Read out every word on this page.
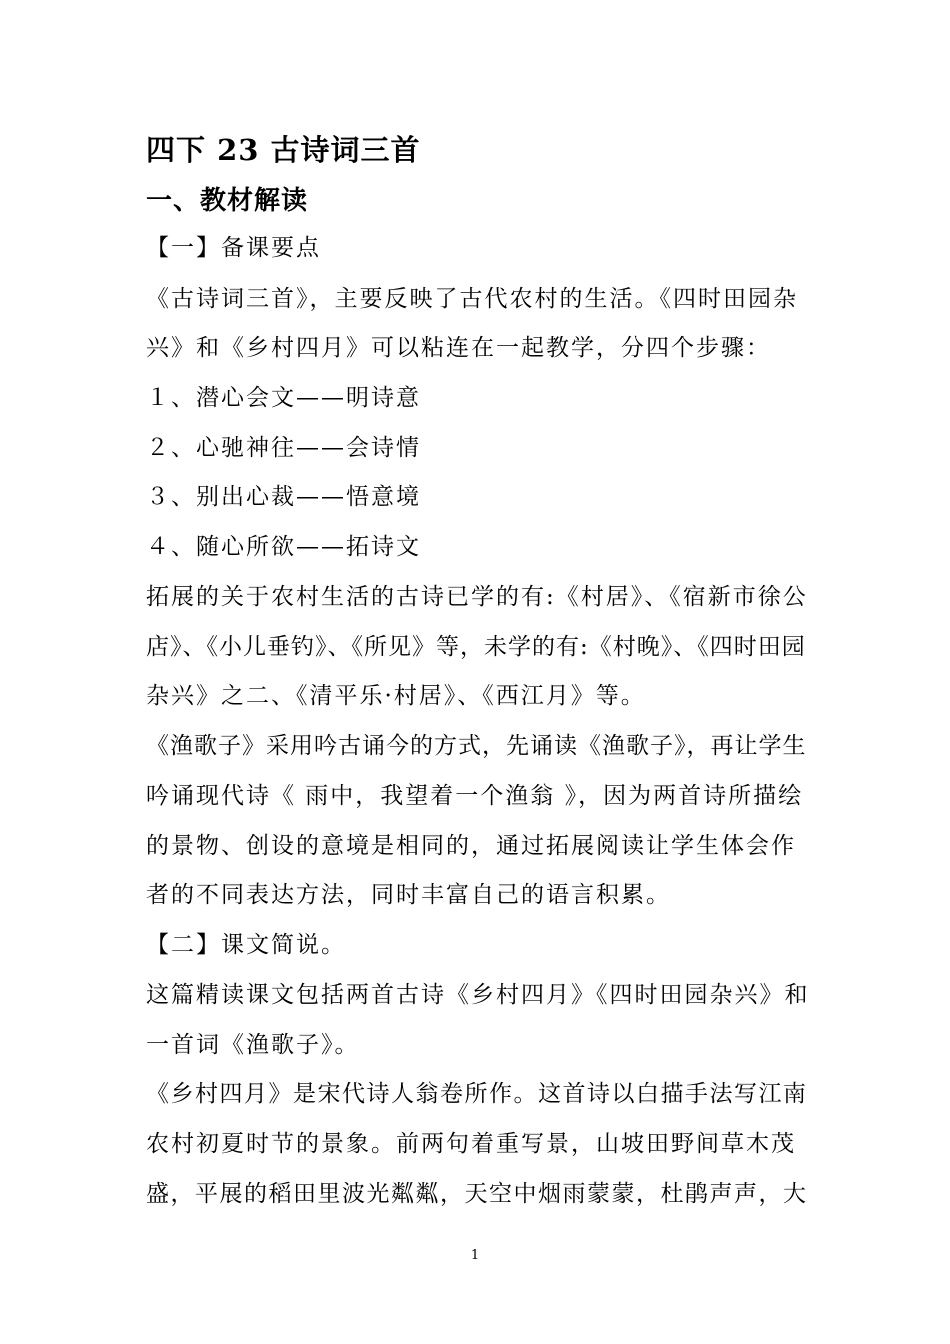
四下 23 古诗词三首
一、教材解读

【一】备课要点

《古诗词三首》，主要反映了古代农村的生活。《四时田园杂

兴》和《乡村四月》可以粘连在一起教学，分四个步骤：

１、潜心会文——明诗意

２、心驰神往——会诗情

３、别出心裁——悟意境

４、随心所欲——拓诗文

拓展的关于农村生活的古诗已学的有:《村居》、《宿新市徐公

店》、《小儿垂钓》、《所见》等，未学的有:《村晚》、《四时田园

杂兴》之二、《清平乐·村居》、《西江月》等。

《渔歌子》采用吟古诵今的方式，先诵读《渔歌子》，再让学生

吟诵现代诗《 雨中，我望着一个渔翁 》，因为两首诗所描绘

的景物、创设的意境是相同的，通过拓展阅读让学生体会作

者的不同表达方法，同时丰富自己的语言积累。

【二】课文简说。

这篇精读课文包括两首古诗《乡村四月》《四时田园杂兴》和

一首词《渔歌子》。

《乡村四月》是宋代诗人翁卷所作。这首诗以白描手法写江南

农村初夏时节的景象。前两句着重写景，山坡田野间草木茂

盛，平展的稻田里波光粼粼，天空中烟雨蒙蒙，杜鹃声声，大

1
